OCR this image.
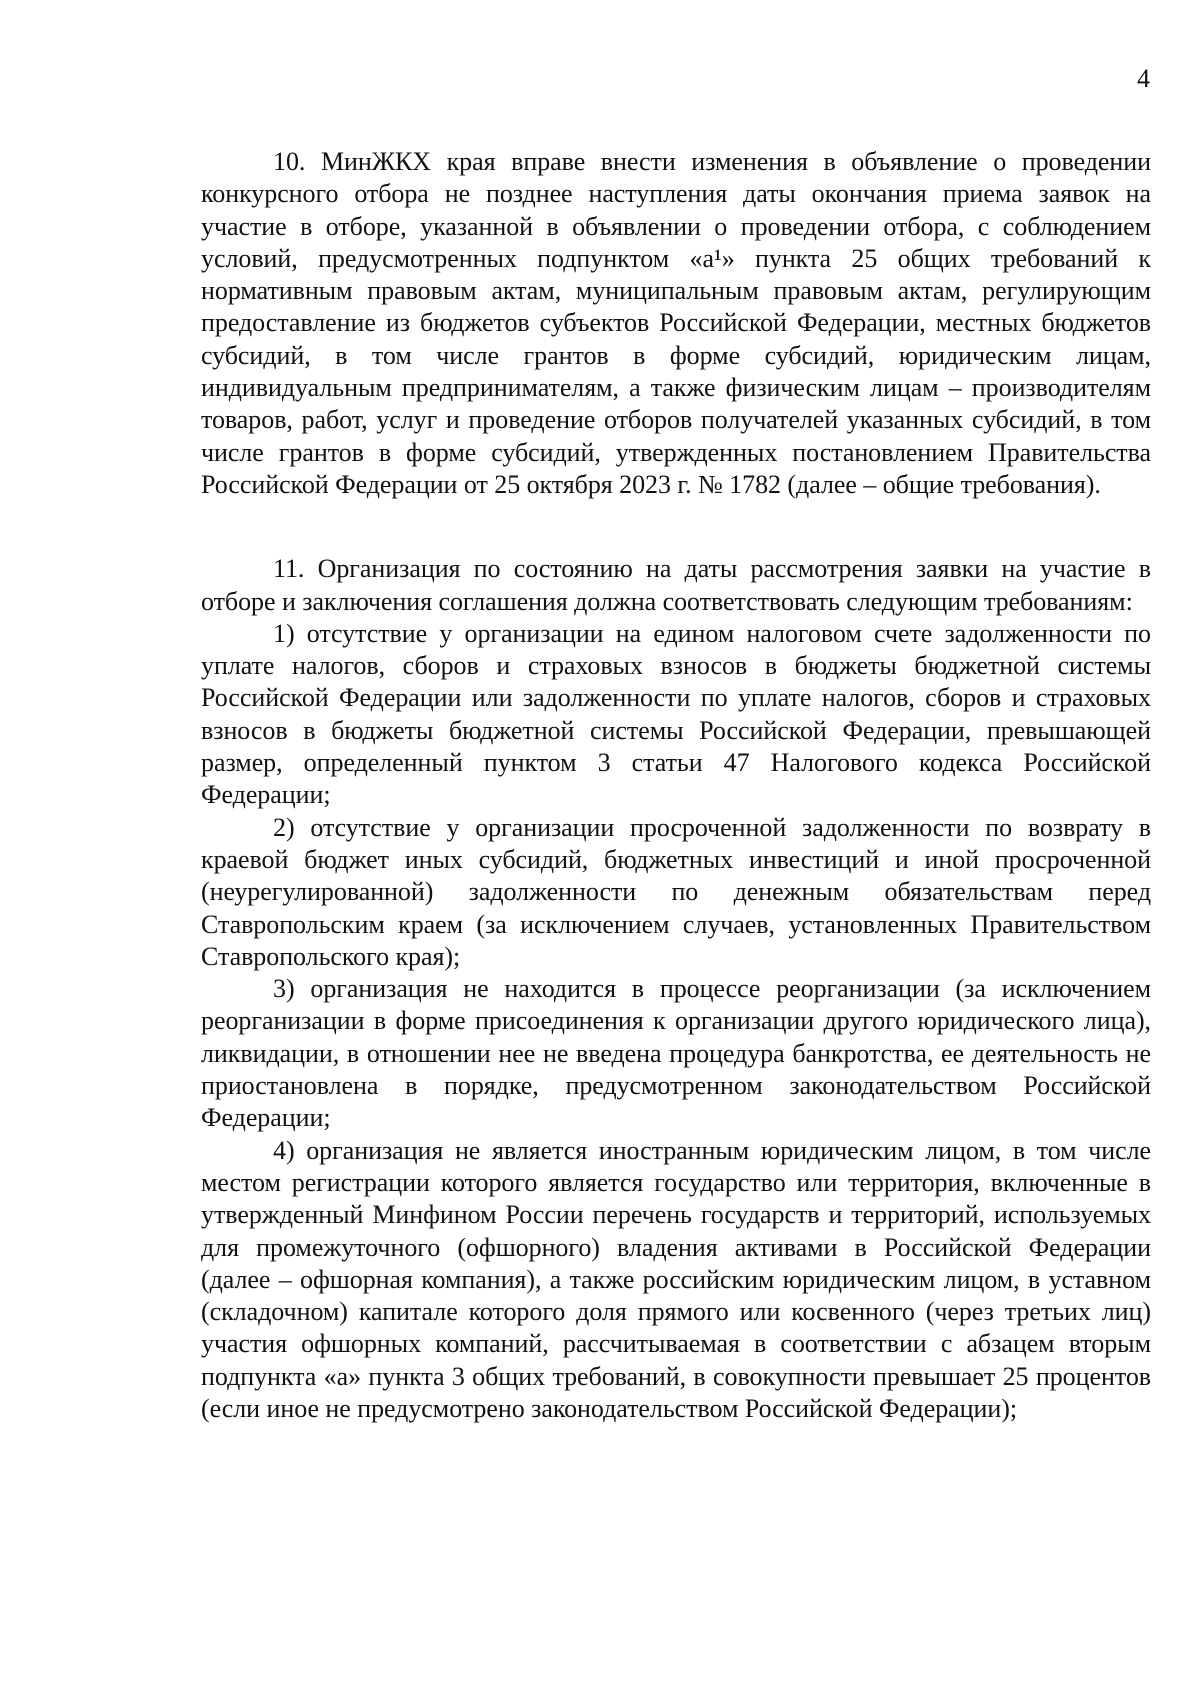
4

10. МинЖКХ края вправе внести изменения в объявление о проведении конкурсного отбора не позднее наступления даты окончания приема заявок на участие в отборе, указанной в объявлении о проведении отбора, с соблюдением условий, предусмотренных подпунктом «а¹» пункта 25 общих требований к нормативным правовым актам, муниципальным правовым актам, регулирующим предоставление из бюджетов субъектов Российской Федерации, местных бюджетов субсидий, в том числе грантов в форме субсидий, юридическим лицам, индивидуальным предпринимателям, а также физическим лицам – производителям товаров, работ, услуг и проведение отборов получателей указанных субсидий, в том числе грантов в форме субсидий, утвержденных постановлением Правительства Российской Федерации от 25 октября 2023 г. № 1782 (далее – общие требования).

11. Организация по состоянию на даты рассмотрения заявки на участие в отборе и заключения соглашения должна соответствовать следующим требованиям:

1) отсутствие у организации на едином налоговом счете задолженности по уплате налогов, сборов и страховых взносов в бюджеты бюджетной системы Российской Федерации или задолженности по уплате налогов, сборов и страховых взносов в бюджеты бюджетной системы Российской Федерации, превышающей размер, определенный пунктом 3 статьи 47 Налогового кодекса Российской Федерации;

2) отсутствие у организации просроченной задолженности по возврату в краевой бюджет иных субсидий, бюджетных инвестиций и иной просроченной (неурегулированной) задолженности по денежным обязательствам перед Ставропольским краем (за исключением случаев, установленных Правительством Ставропольского края);

3) организация не находится в процессе реорганизации (за исключением реорганизации в форме присоединения к организации другого юридического лица), ликвидации, в отношении нее не введена процедура банкротства, ее деятельность не приостановлена в порядке, предусмотренном законодательством Российской Федерации;

4) организация не является иностранным юридическим лицом, в том числе местом регистрации которого является государство или территория, включенные в утвержденный Минфином России перечень государств и территорий, используемых для промежуточного (офшорного) владения активами в Российской Федерации (далее – офшорная компания), а также российским юридическим лицом, в уставном (складочном) капитале которого доля прямого или косвенного (через третьих лиц) участия офшорных компаний, рассчитываемая в соответствии с абзацем вторым подпункта «а» пункта 3 общих требований, в совокупности превышает 25 процентов (если иное не предусмотрено законодательством Российской Федерации);
